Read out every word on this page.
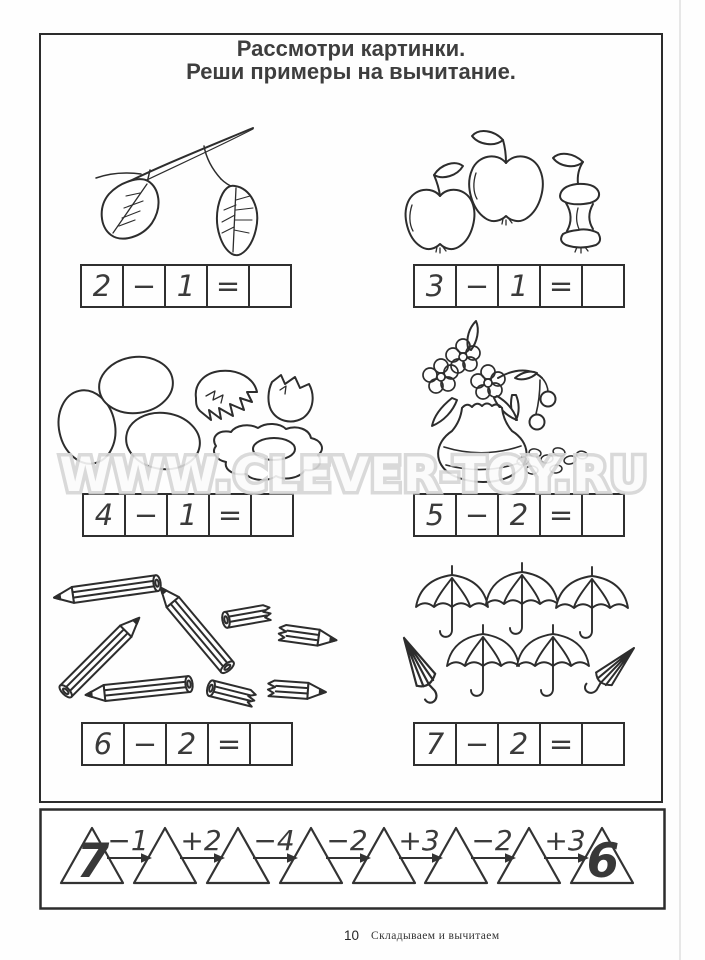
Рассмотри картинки.
Реши примеры на вычитание.
2 − 1 =	3 − 1 =
4 − 1 =	5 − 2 =
6 − 2 =	7 − 2 =
−1 +2 −4 −2 +3 −2 +3
7	6
WWW.CLEVER-TOY.RU
10 Складываем и вычитаем
